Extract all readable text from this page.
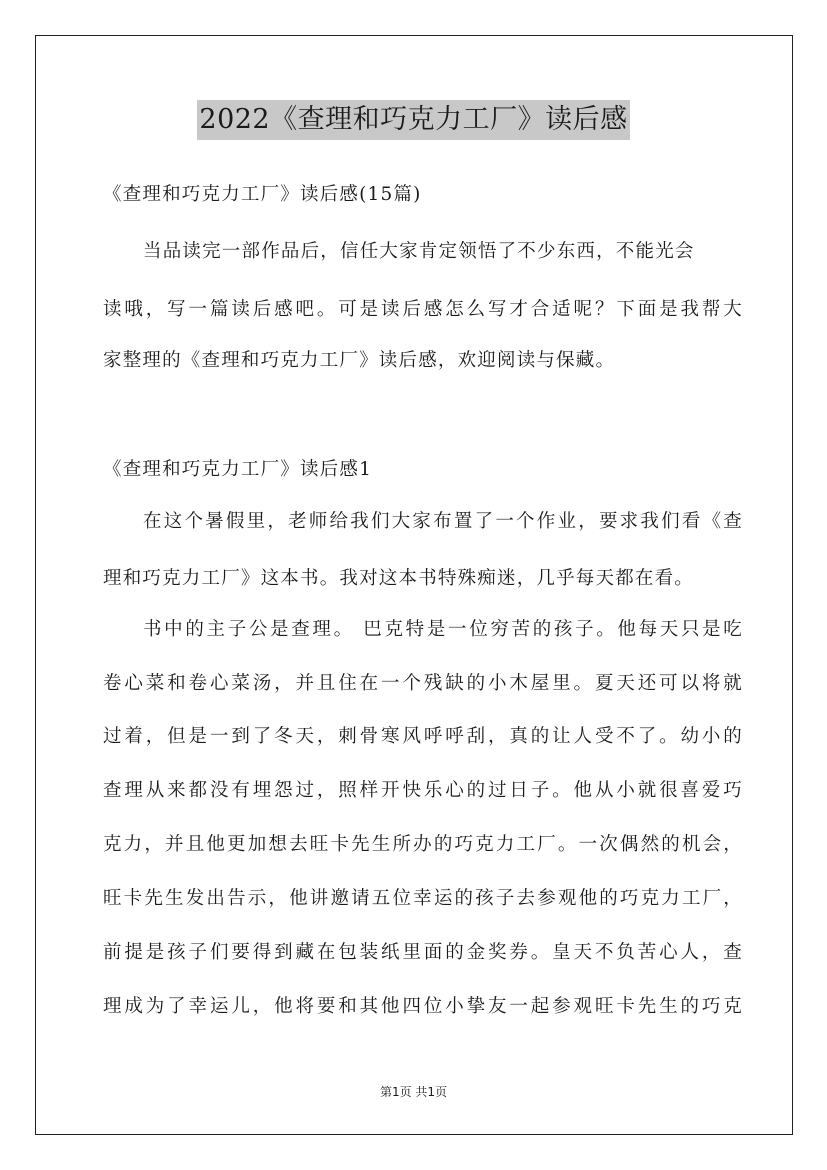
2022《查理和巧克力工厂》读后感
《查理和巧克力工厂》读后感(15篇)
当品读完一部作品后，信任大家肯定领悟了不少东西，不能光会
读哦，写一篇读后感吧。可是读后感怎么写才合适呢？下面是我帮大
家整理的《查理和巧克力工厂》读后感，欢迎阅读与保藏。
《查理和巧克力工厂》读后感1
在这个暑假里，老师给我们大家布置了一个作业，要求我们看《查
理和巧克力工厂》这本书。我对这本书特殊痴迷，几乎每天都在看。
书中的主子公是查理。 巴克特是一位穷苦的孩子。他每天只是吃
卷心菜和卷心菜汤，并且住在一个残缺的小木屋里。夏天还可以将就
过着，但是一到了冬天，刺骨寒风呼呼刮，真的让人受不了。幼小的
查理从来都没有埋怨过，照样开快乐心的过日子。他从小就很喜爱巧
克力，并且他更加想去旺卡先生所办的巧克力工厂。一次偶然的机会，
旺卡先生发出告示，他讲邀请五位幸运的孩子去参观他的巧克力工厂，
前提是孩子们要得到藏在包装纸里面的金奖券。皇天不负苦心人，查
理成为了幸运儿，他将要和其他四位小挚友一起参观旺卡先生的巧克
第1页 共1页
